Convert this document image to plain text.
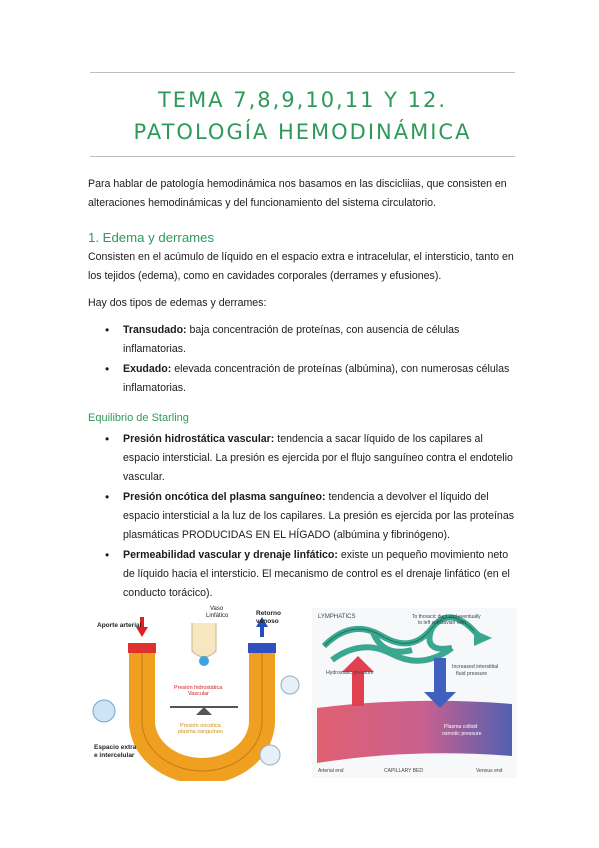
TEMA 7,8,9,10,11 Y 12.
PATOLOGÍA HEMODINÁMICA
Para hablar de patología hemodinámica nos basamos en las discicliias, que consisten en alteraciones hemodinámicas y del funcionamiento del sistema circulatorio.
1. Edema y derrames
Consisten en el acúmulo de líquido en el espacio extra e intracelular, el intersticio, tanto en los tejidos (edema), como en cavidades corporales (derrames y efusiones).
Hay dos tipos de edemas y derrames:
• Transudado: baja concentración de proteínas, con ausencia de células inflamatorias.
• Exudado: elevada concentración de proteínas (albúmina), con numerosas células inflamatorias.
Equilibrio de Starling
• Presión hidrostática vascular: tendencia a sacar líquido de los capilares al espacio intersticial. La presión es ejercida por el flujo sanguíneo contra el endotelio vascular.
• Presión oncótica del plasma sanguíneo: tendencia a devolver el líquido del espacio intersticial a la luz de los capilares. La presión es ejercida por las proteínas plasmáticas PRODUCIDAS EN EL HÍGADO (albúmina y fibrinógeno).
• Permeabilidad vascular y drenaje linfático: existe un pequeño movimiento neto de líquido hacia el intersticio. El mecanismo de control es el drenaje linfático (en el conducto torácico).
Aporte arterial
Vaso
Linfático	Retorno
venoso
Presión hidrostática
Vascular
Presión oncótica
plasma sanguíneo
Espacio extra
e intercelular
LYMPHATICS	To thoracic duct and eventually
to left subclavian vein
Hydrostatic pressure
Increased interstitial
fluid pressure
Plasma colloid
osmotic pressure
Arterial end	CAPILLARY BED	Venous end
